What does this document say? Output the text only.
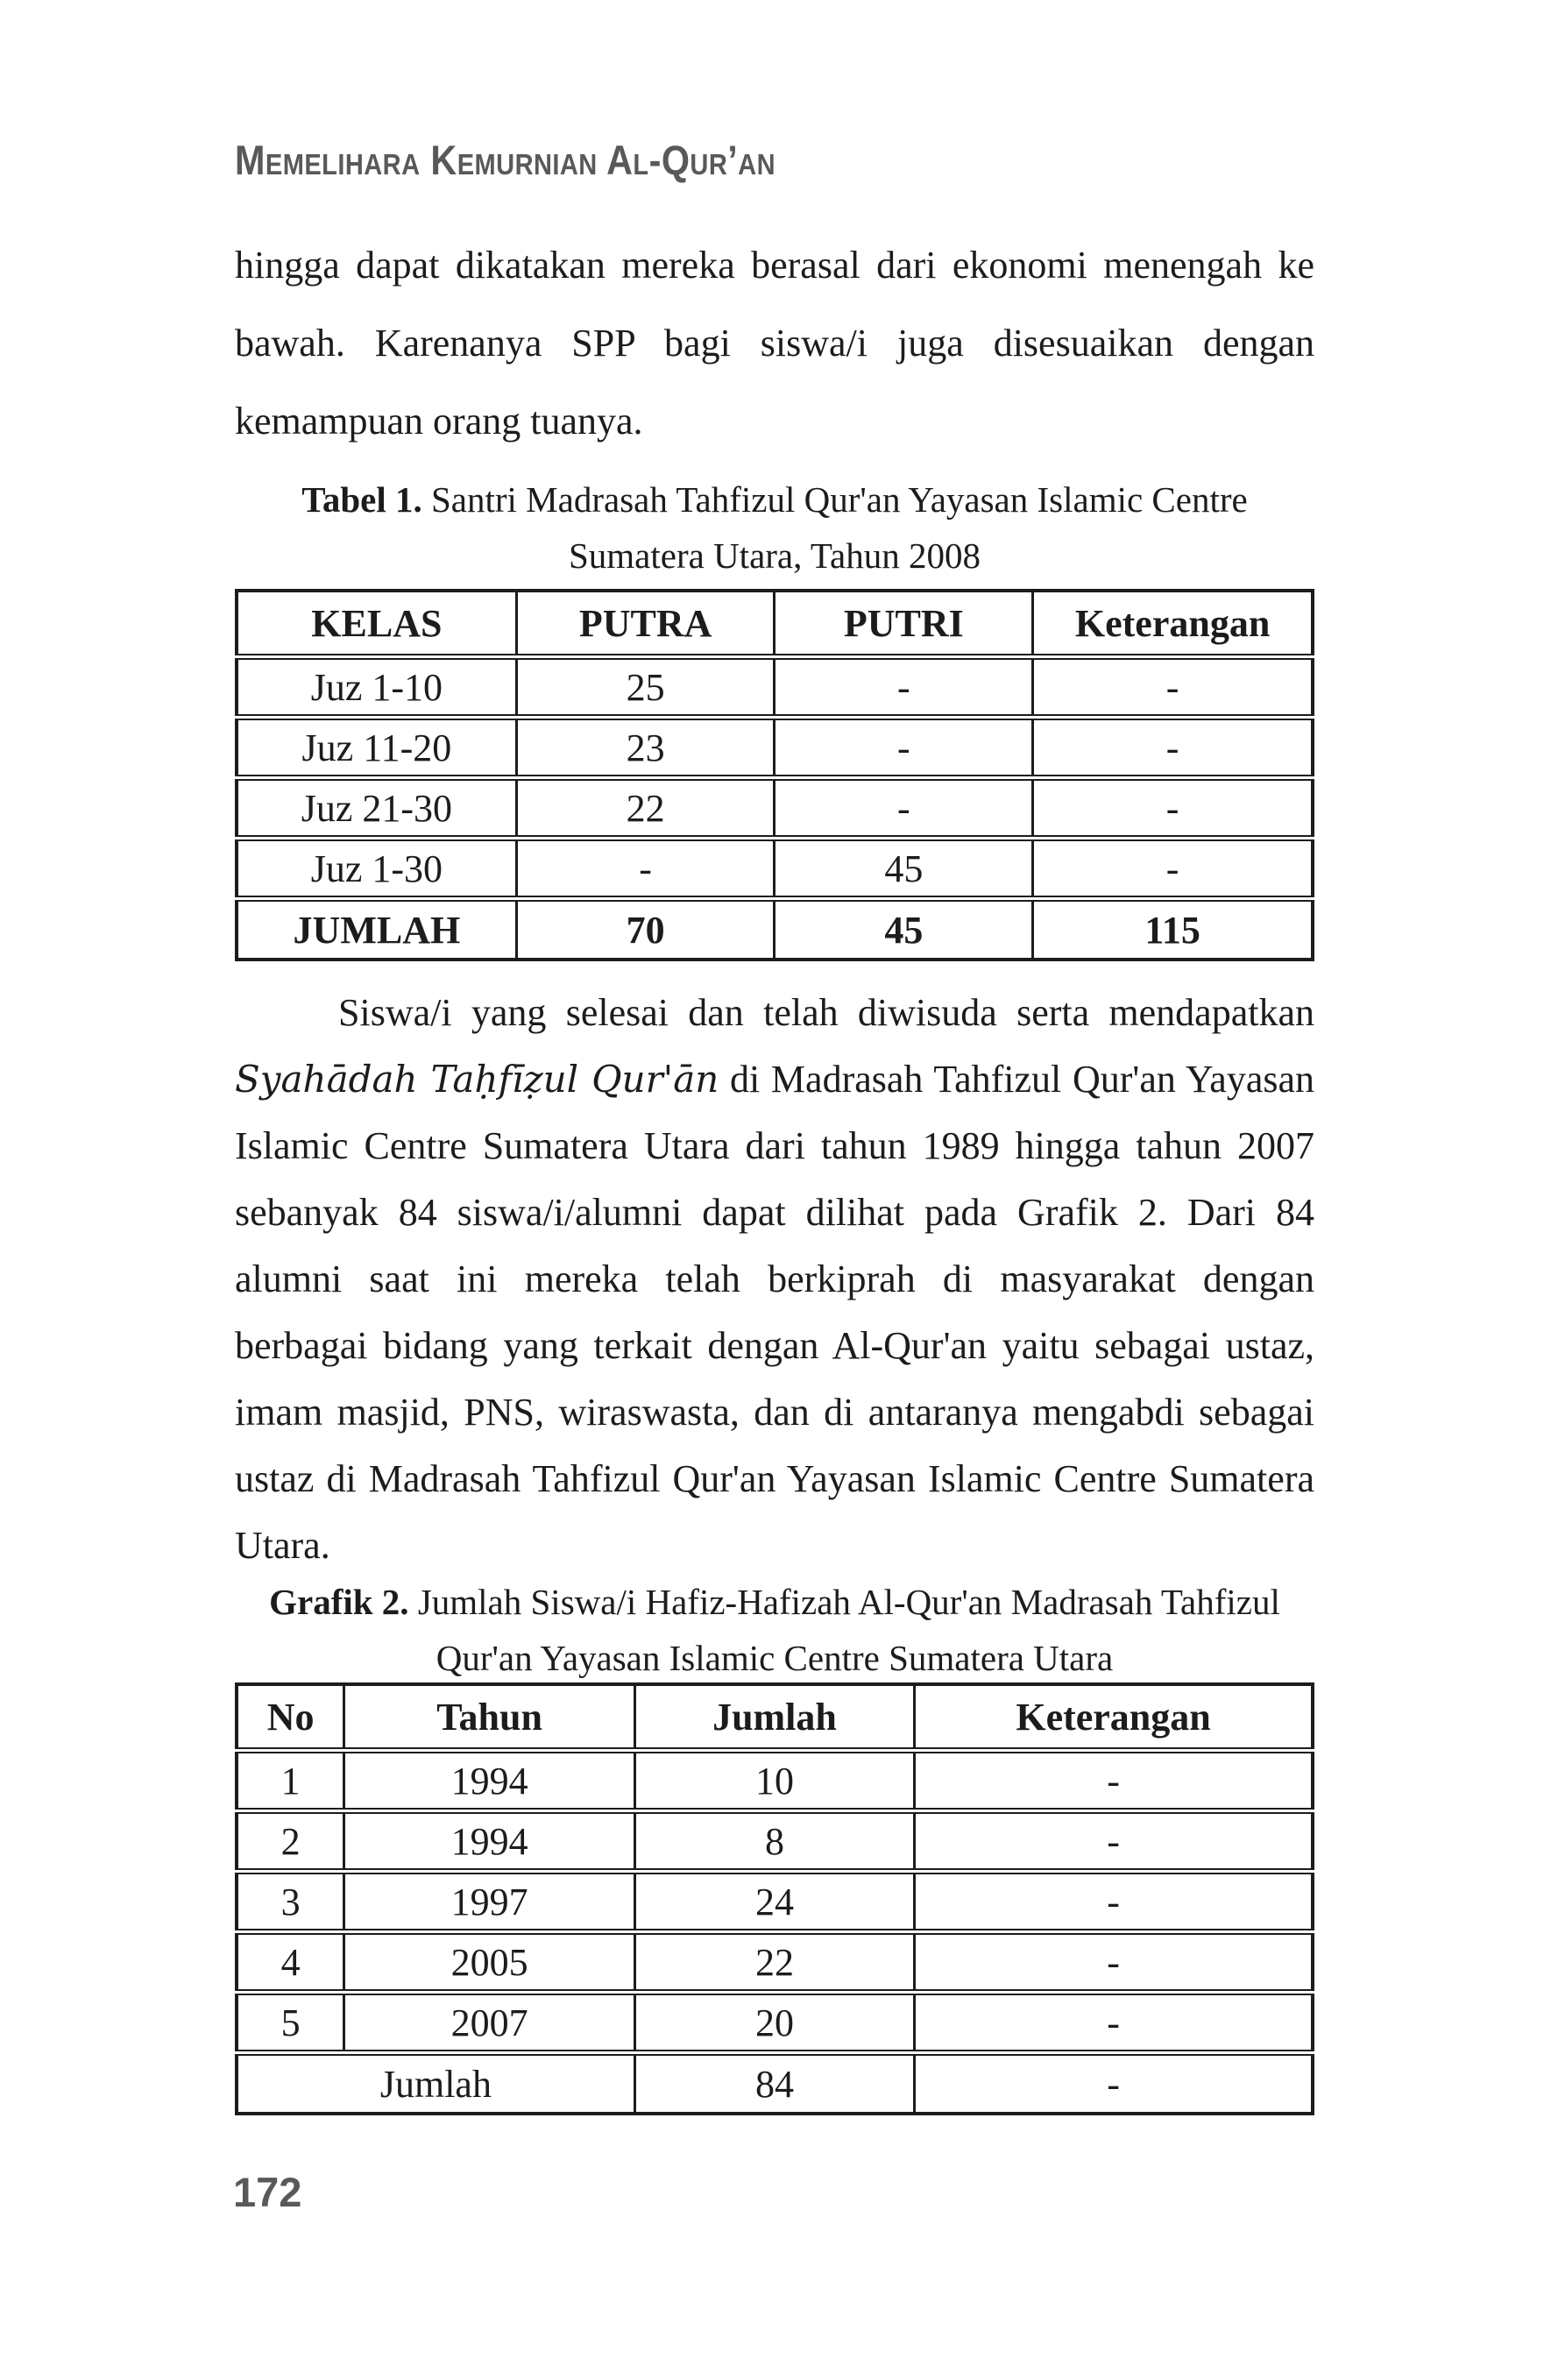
Memelihara Kemurnian Al-Qur’an

hingga dapat dikatakan mereka berasal dari ekonomi menengah ke bawah. Karenanya SPP bagi siswa/i juga disesuaikan dengan kemampuan orang tuanya.

Tabel 1. Santri Madrasah Tahfizul Qur'an Yayasan Islamic Centre Sumatera Utara, Tahun 2008

KELAS	PUTRA	PUTRI	Keterangan
Juz 1-10	25	-	-
Juz 11-20	23	-	-
Juz 21-30	22	-	-
Juz 1-30	-	45	-
JUMLAH	70	45	115

Siswa/i yang selesai dan telah diwisuda serta mendapatkan Syahādah Taḥfīẓul Qur'ān di Madrasah Tahfizul Qur'an Yayasan Islamic Centre Sumatera Utara dari tahun 1989 hingga tahun 2007 sebanyak 84 siswa/i/alumni dapat dilihat pada Grafik 2. Dari 84 alumni saat ini mereka telah berkiprah di masyarakat dengan berbagai bidang yang terkait dengan Al-Qur'an yaitu sebagai ustaz, imam masjid, PNS, wiraswasta, dan di antaranya mengabdi sebagai ustaz di Madrasah Tahfizul Qur'an Yayasan Islamic Centre Sumatera Utara.

Grafik 2. Jumlah Siswa/i Hafiz-Hafizah Al-Qur'an Madrasah Tahfizul Qur'an Yayasan Islamic Centre Sumatera Utara

No	Tahun	Jumlah	Keterangan
1	1994	10	-
2	1994	8	-
3	1997	24	-
4	2005	22	-
5	2007	20	-
Jumlah		84	-
172
